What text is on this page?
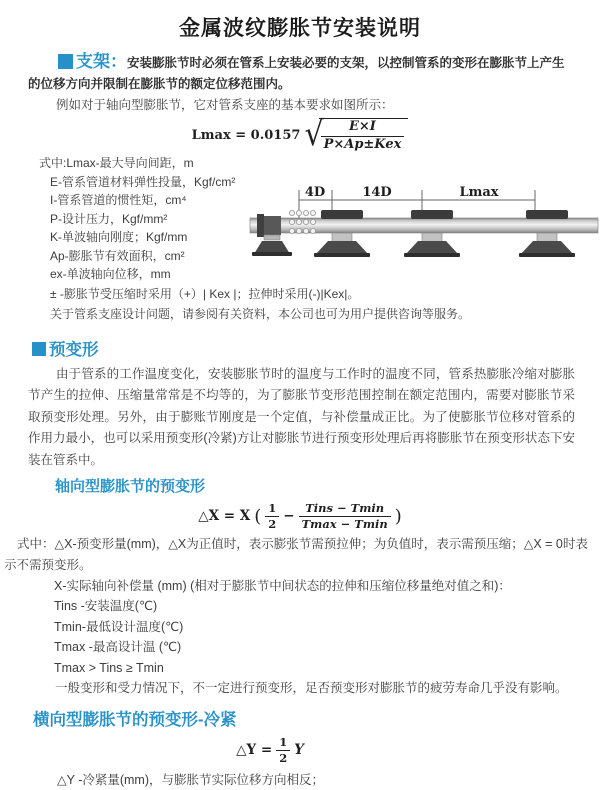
金属波纹膨胀节安装说明

支架：安装膨胀节时必须在管系上安装必要的支架，以控制管系的变形在膨胀节上产生的位移方向并限制在膨胀节的额定位移范围内。

例如对于轴向型膨胀节，它对管系支座的基本要求如图所示：

Lmax = 0.0157 √
$\frac{E\times I}{\text{P×Ap±Kex}}$
式中:Lmax-最大导向间距，m
E-管系管道材料弹性投量，Kgf/cm²
I-管系管道的惯性矩，cm⁴
P-设计压力，Kgf/mm²
K-单波轴向刚度；Kgf/mm
Ap-膨胀节有效面积，cm²
ex-单波轴向位移，mm
± -膨胀节受压缩时采用（+）| Kex |；拉伸时采用(-)|Kex|。
关于管系支座设计问题，请参阅有关资料，本公司也可为用户提供咨询等服务。
4D	14D	Lmax
预变形

由于管系的工作温度变化，安装膨胀节时的温度与工作时的温度不同，管系热膨胀冷缩对膨胀节产生的拉伸、压缩量常常是不均等的，为了膨胀节变形范围控制在额定范围内，需要对膨胀节采取预变形处理。另外，由于膨账节刚度是一个定值，与补偿量成正比。为了使膨胀节位移对管系的作用力最小，也可以采用预变形(冷紧)方让对膨胀节进行预变形处理后再将膨胀节在预变形状态下安装在管系中。

轴向型膨胀节的预变形
△X = X ( $\frac{1}{2} - \frac{\text{Tins − Tmin}}{Tmax - Tmin}$ )
式中：△X-预变形量(mm)，△X为正值时，表示膨张节需预拉伸；为负值时，表示需预压缩；△X = 0时表示不需预变形。
X-实际轴向补偿量 (mm) (相对于膨胀节中间状态的拉伸和压缩位移量绝对值之和)：
Tins -安装温度(℃)
Tmin-最低设计温度(℃)
Tmax -最高设计温 (℃)
Tmax > Tins ≥ Tmin
一般变形和受力情况下，不一定进行预变形，足否预变形对膨胀节的疲劳寿命几乎没有影响。
横向型膨胀节的预变形-冷紧
△Y = $\frac{1}{2}$ Y
△Y -冷紧量(mm)，与膨胀节实际位移方向相反；
